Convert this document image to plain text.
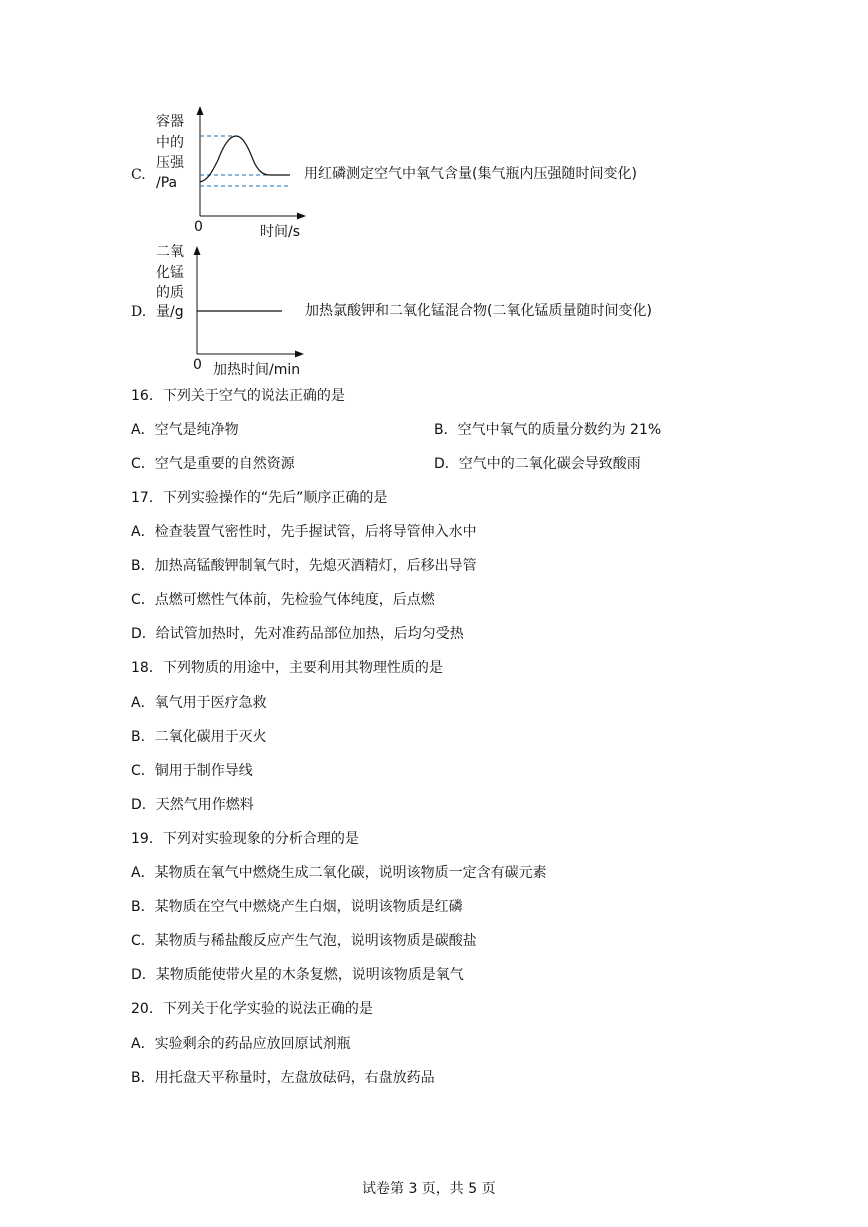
C.
容器
中的
压强
/Pa
0	时间/s
用红磷测定空气中氧气含量(集气瓶内压强随时间变化)
D.
二氧
化锰
的质
量/g
0 加热时间/min
加热氯酸钾和二氧化锰混合物(二氧化锰质量随时间变化)
16．下列关于空气的说法正确的是
A．空气是纯净物	B．空气中氧气的质量分数约为 21%
C．空气是重要的自然资源	D．空气中的二氧化碳会导致酸雨
17．下列实验操作的“先后”顺序正确的是
A．检查装置气密性时，先手握试管，后将导管伸入水中
B．加热高锰酸钾制氧气时，先熄灭酒精灯，后移出导管
C．点燃可燃性气体前，先检验气体纯度，后点燃
D．给试管加热时，先对准药品部位加热，后均匀受热
18．下列物质的用途中，主要利用其物理性质的是
A．氧气用于医疗急救
B．二氧化碳用于灭火
C．铜用于制作导线
D．天然气用作燃料
19．下列对实验现象的分析合理的是
A．某物质在氧气中燃烧生成二氧化碳，说明该物质一定含有碳元素
B．某物质在空气中燃烧产生白烟，说明该物质是红磷
C．某物质与稀盐酸反应产生气泡，说明该物质是碳酸盐
D．某物质能使带火星的木条复燃，说明该物质是氧气
20．下列关于化学实验的说法正确的是
A．实验剩余的药品应放回原试剂瓶
B．用托盘天平称量时，左盘放砝码，右盘放药品
试卷第 3 页，共 5 页
